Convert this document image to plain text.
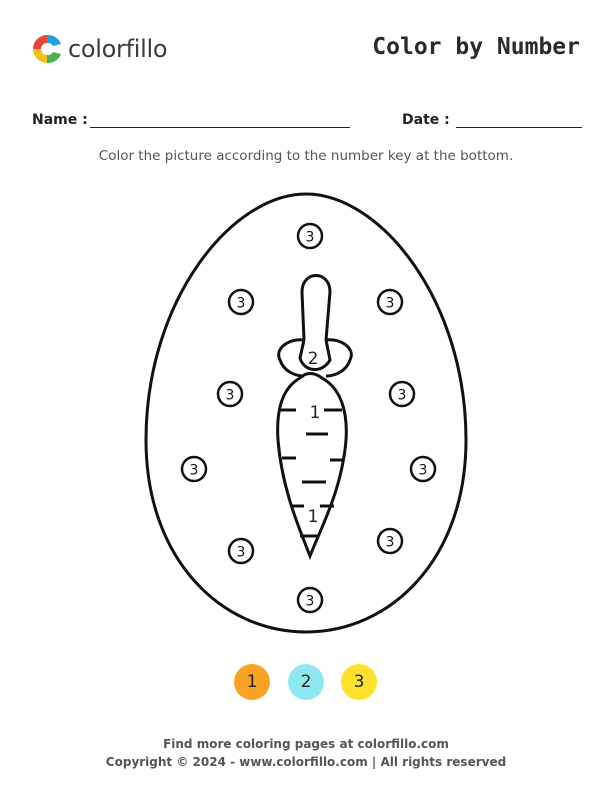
colorfillo	Color by Number
Name :	Date :
Color the picture according to the number key at the bottom.
2
1
1
3
3	3
3	3
3	3
3
3
3
1	2 3
Find more coloring pages at colorfillo.com
Copyright © 2024 - www.colorfillo.com | All rights reserved
